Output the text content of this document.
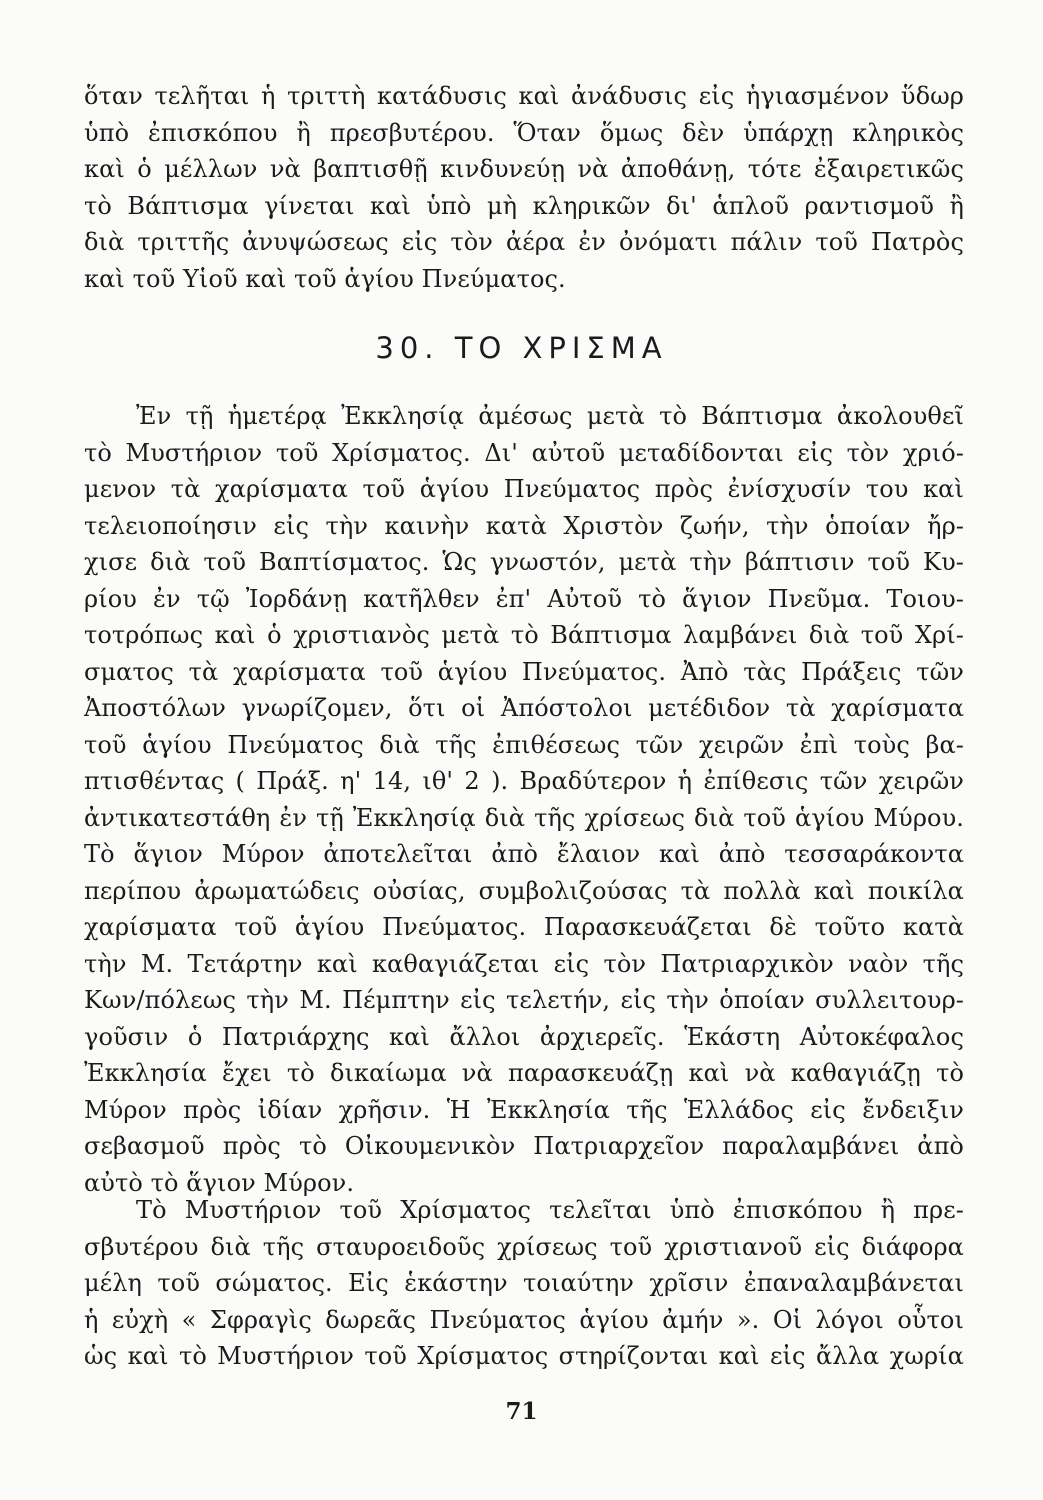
ὅταν τελῆται ἡ τριττὴ κατάδυσις καὶ ἀνάδυσις εἰς ἡγιασμένον ὕδωρ
ὑπὸ ἐπισκόπου ἢ πρεσβυτέρου. Ὅταν ὅμως δὲν ὑπάρχῃ κληρικὸς
καὶ ὁ μέλλων νὰ βαπτισθῇ κινδυνεύῃ νὰ ἀποθάνῃ, τότε ἐξαιρετικῶς
τὸ Βάπτισμα γίνεται καὶ ὑπὸ μὴ κληρικῶν δι' ἁπλοῦ ραντισμοῦ ἢ
διὰ τριττῆς ἀνυψώσεως εἰς τὸν ἀέρα ἐν ὀνόματι πάλιν τοῦ Πατρὸς
καὶ τοῦ Υἱοῦ καὶ τοῦ ἁγίου Πνεύματος.
30. ΤΟ ΧΡΙΣΜΑ
Ἐν τῇ ἡμετέρᾳ Ἐκκλησίᾳ ἀμέσως μετὰ τὸ Βάπτισμα ἀκολουθεῖ
τὸ Μυστήριον τοῦ Χρίσματος. Δι' αὐτοῦ μεταδίδονται εἰς τὸν χριό-
μενον τὰ χαρίσματα τοῦ ἁγίου Πνεύματος πρὸς ἐνίσχυσίν του καὶ
τελειοποίησιν εἰς τὴν καινὴν κατὰ Χριστὸν ζωήν, τὴν ὁποίαν ἤρ-
χισε διὰ τοῦ Βαπτίσματος. Ὡς γνωστόν, μετὰ τὴν βάπτισιν τοῦ Κυ-
ρίου ἐν τῷ Ἰορδάνῃ κατῆλθεν ἐπ' Αὐτοῦ τὸ ἅγιον Πνεῦμα. Τοιου-
τοτρόπως καὶ ὁ χριστιανὸς μετὰ τὸ Βάπτισμα λαμβάνει διὰ τοῦ Χρί-
σματος τὰ χαρίσματα τοῦ ἁγίου Πνεύματος. Ἀπὸ τὰς Πράξεις τῶν
Ἀποστόλων γνωρίζομεν, ὅτι οἱ Ἀπόστολοι μετέδιδον τὰ χαρίσματα
τοῦ ἁγίου Πνεύματος διὰ τῆς ἐπιθέσεως τῶν χειρῶν ἐπὶ τοὺς βα-
πτισθέντας ( Πράξ. η' 14, ιθ' 2 ). Βραδύτερον ἡ ἐπίθεσις τῶν χειρῶν
ἀντικατεστάθη ἐν τῇ Ἐκκλησίᾳ διὰ τῆς χρίσεως διὰ τοῦ ἁγίου Μύρου.
Τὸ ἅγιον Μύρον ἀποτελεῖται ἀπὸ ἔλαιον καὶ ἀπὸ τεσσαράκοντα
περίπου ἀρωματώδεις οὐσίας, συμβολιζούσας τὰ πολλὰ καὶ ποικίλα
χαρίσματα τοῦ ἁγίου Πνεύματος. Παρασκευάζεται δὲ τοῦτο κατὰ
τὴν Μ. Τετάρτην καὶ καθαγιάζεται εἰς τὸν Πατριαρχικὸν ναὸν τῆς
Κων/πόλεως τὴν Μ. Πέμπτην εἰς τελετήν, εἰς τὴν ὁποίαν συλλειτουρ-
γοῦσιν ὁ Πατριάρχης καὶ ἄλλοι ἀρχιερεῖς. Ἑκάστη Αὐτοκέφαλος
Ἐκκλησία ἔχει τὸ δικαίωμα νὰ παρασκευάζῃ καὶ νὰ καθαγιάζῃ τὸ
Μύρον πρὸς ἰδίαν χρῆσιν. Ἡ Ἐκκλησία τῆς Ἑλλάδος εἰς ἔνδειξιν
σεβασμοῦ πρὸς τὸ Οἰκουμενικὸν Πατριαρχεῖον παραλαμβάνει ἀπὸ
αὐτὸ τὸ ἅγιον Μύρον.
Τὸ Μυστήριον τοῦ Χρίσματος τελεῖται ὑπὸ ἐπισκόπου ἢ πρε-
σβυτέρου διὰ τῆς σταυροειδοῦς χρίσεως τοῦ χριστιανοῦ εἰς διάφορα
μέλη τοῦ σώματος. Εἰς ἑκάστην τοιαύτην χρῖσιν ἐπαναλαμβάνεται
ἡ εὐχὴ « Σφραγὶς δωρεᾶς Πνεύματος ἁγίου ἀμήν ». Οἱ λόγοι οὗτοι
ὡς καὶ τὸ Μυστήριον τοῦ Χρίσματος στηρίζονται καὶ εἰς ἄλλα χωρία
71
